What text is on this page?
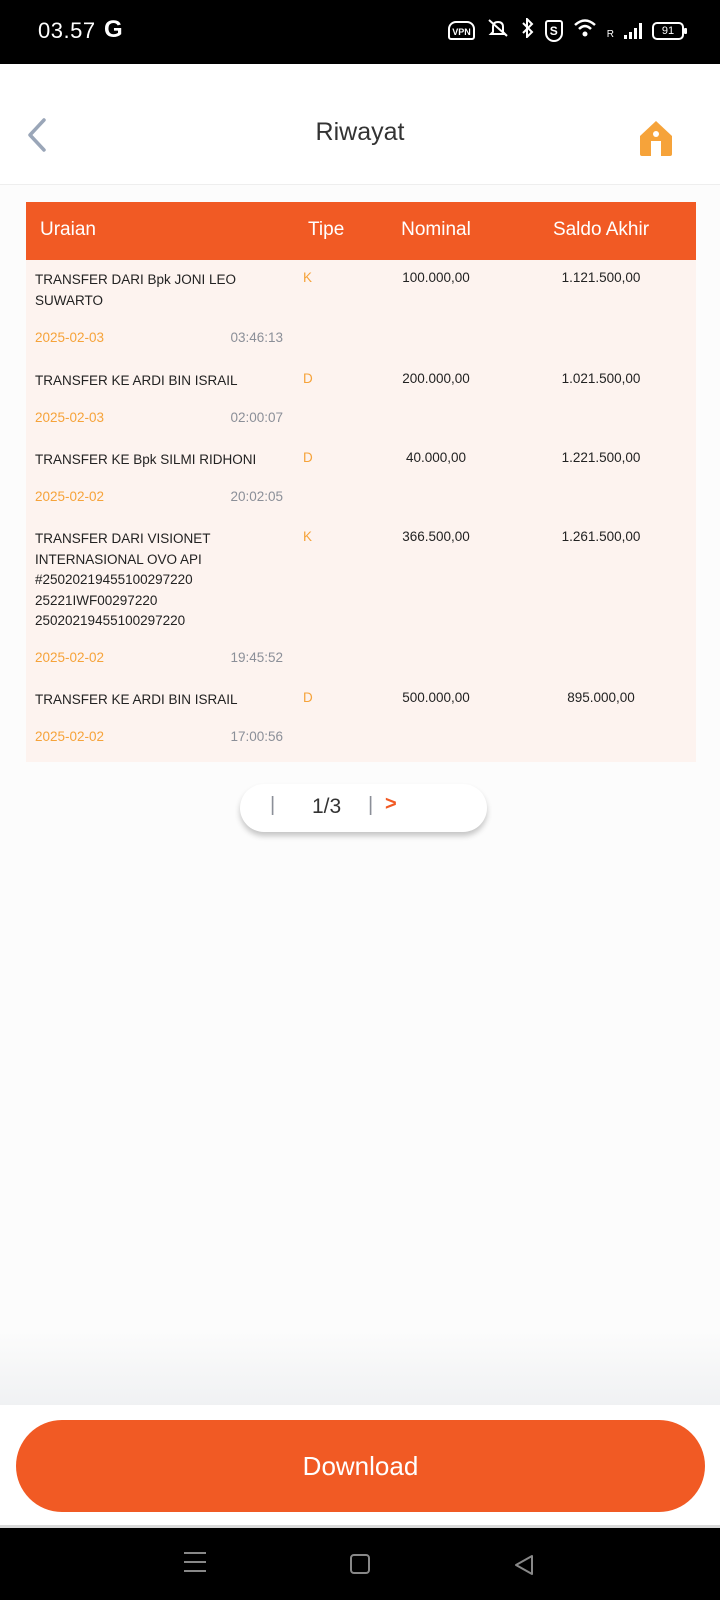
03.57 G	VPN	S	R	91
Riwayat
Uraian	Tipe	Nominal	Saldo Akhir
TRANSFER DARI Bpk JONI LEO
SUWARTO
K	100.000,00	1.121.500,00
2025-02-03	03:46:13
TRANSFER KE ARDI BIN ISRAIL	D	200.000,00	1.021.500,00
2025-02-03	02:00:07
TRANSFER KE Bpk SILMI RIDHONI	D	40.000,00	1.221.500,00
2025-02-02	20:02:05
TRANSFER DARI VISIONET
INTERNASIONAL OVO API
#25020219455100297220
25221IWF00297220
25020219455100297220
K	366.500,00	1.261.500,00
2025-02-02	19:45:52
TRANSFER KE ARDI BIN ISRAIL	D	500.000,00	895.000,00
2025-02-02	17:00:56
| 1/3 | >
Download
